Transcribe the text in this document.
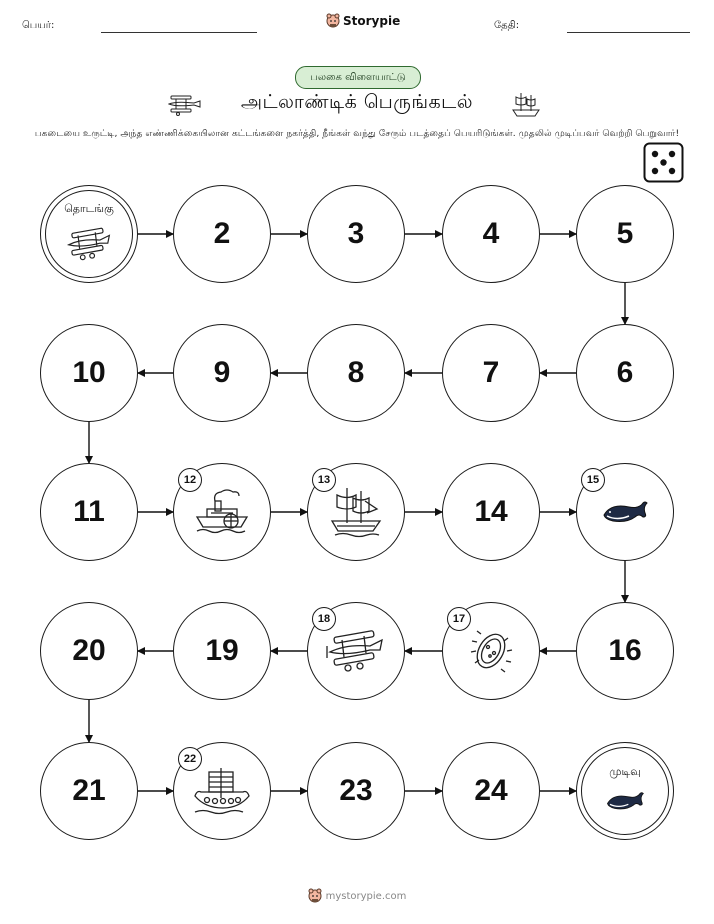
பெயர்:	Storypie	தேதி:
பலகை விளையாட்டு
அட்லாண்டிக் பெருங்கடல்
பகடையை உருட்டி, அந்த எண்ணிக்கையிலான கட்டங்களை நகர்த்தி, நீங்கள் வந்து சேரும் படத்தைப் பெயரிடுங்கள். முதலில் முடிப்பவர் வெற்றி பெறுவார்!
தொடங்கு
2	3	4	5
6
7
8
9
10
11
12	13
14
15
16
17
18
19
20
21
22
23	24
முடிவு
mystorypie.com
